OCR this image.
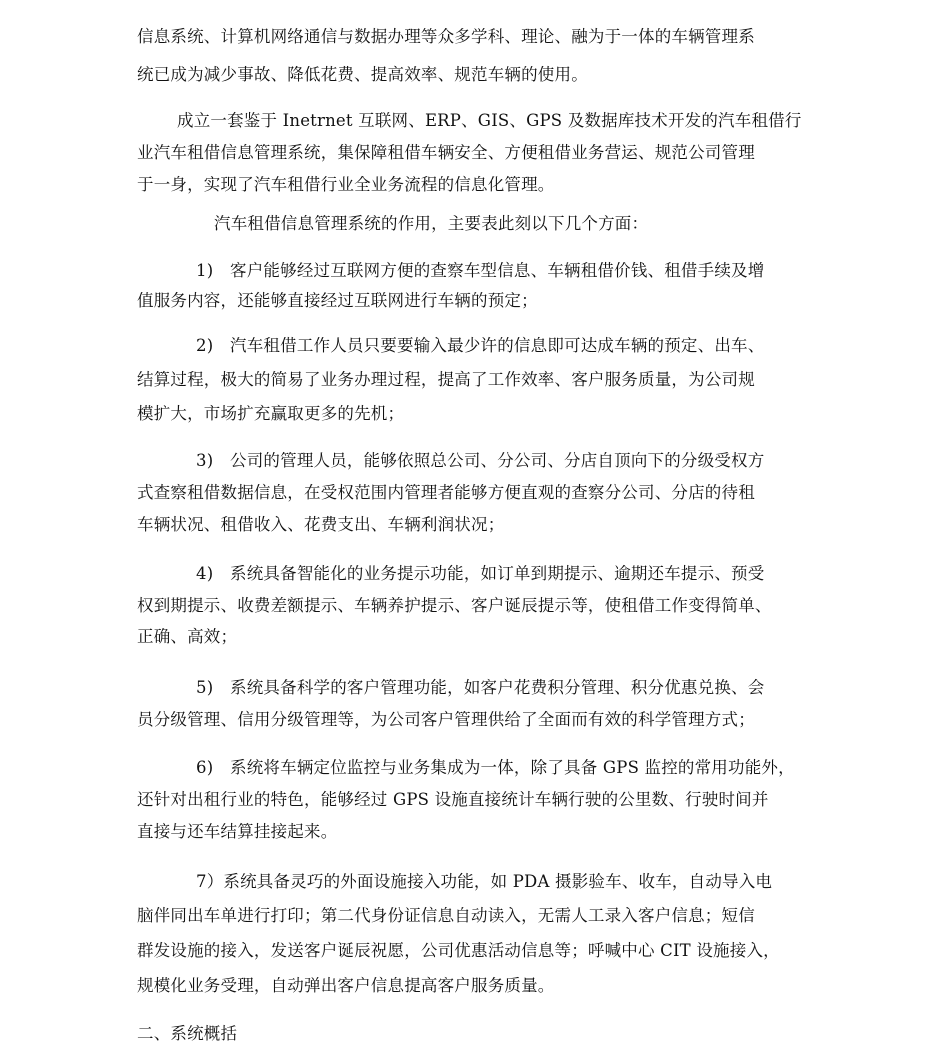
信息系统、计算机网络通信与数据办理等众多学科、理论、融为于一体的车辆管理系
统已成为减少事故、降低花费、提高效率、规范车辆的使用。
成立一套鉴于 Inetrnet 互联网、ERP、GIS、GPS 及数据库技术开发的汽车租借行
业汽车租借信息管理系统，集保障租借车辆安全、方便租借业务营运、规范公司管理
于一身，实现了汽车租借行业全业务流程的信息化管理。
汽车租借信息管理系统的作用，主要表此刻以下几个方面：
1)　客户能够经过互联网方便的查察车型信息、车辆租借价钱、租借手续及增
值服务内容，还能够直接经过互联网进行车辆的预定；
2)　汽车租借工作人员只要要输入最少许的信息即可达成车辆的预定、出车、
结算过程，极大的简易了业务办理过程，提高了工作效率、客户服务质量，为公司规
模扩大，市场扩充赢取更多的先机；
3)　公司的管理人员，能够依照总公司、分公司、分店自顶向下的分级受权方
式查察租借数据信息，在受权范围内管理者能够方便直观的查察分公司、分店的待租
车辆状况、租借收入、花费支出、车辆利润状况；
4)　系统具备智能化的业务提示功能，如订单到期提示、逾期还车提示、预受
权到期提示、收费差额提示、车辆养护提示、客户诞辰提示等，使租借工作变得简单、
正确、高效；
5)　系统具备科学的客户管理功能，如客户花费积分管理、积分优惠兑换、会
员分级管理、信用分级管理等，为公司客户管理供给了全面而有效的科学管理方式；
6)　系统将车辆定位监控与业务集成为一体，除了具备 GPS 监控的常用功能外，
还针对出租行业的特色，能够经过 GPS 设施直接统计车辆行驶的公里数、行驶时间并
直接与还车结算挂接起来。
7）系统具备灵巧的外面设施接入功能，如 PDA 摄影验车、收车，自动导入电
脑伴同出车单进行打印；第二代身份证信息自动读入，无需人工录入客户信息；短信
群发设施的接入，发送客户诞辰祝愿，公司优惠活动信息等；呼喊中心 CIT 设施接入，
规模化业务受理，自动弹出客户信息提高客户服务质量。
二、系统概括
